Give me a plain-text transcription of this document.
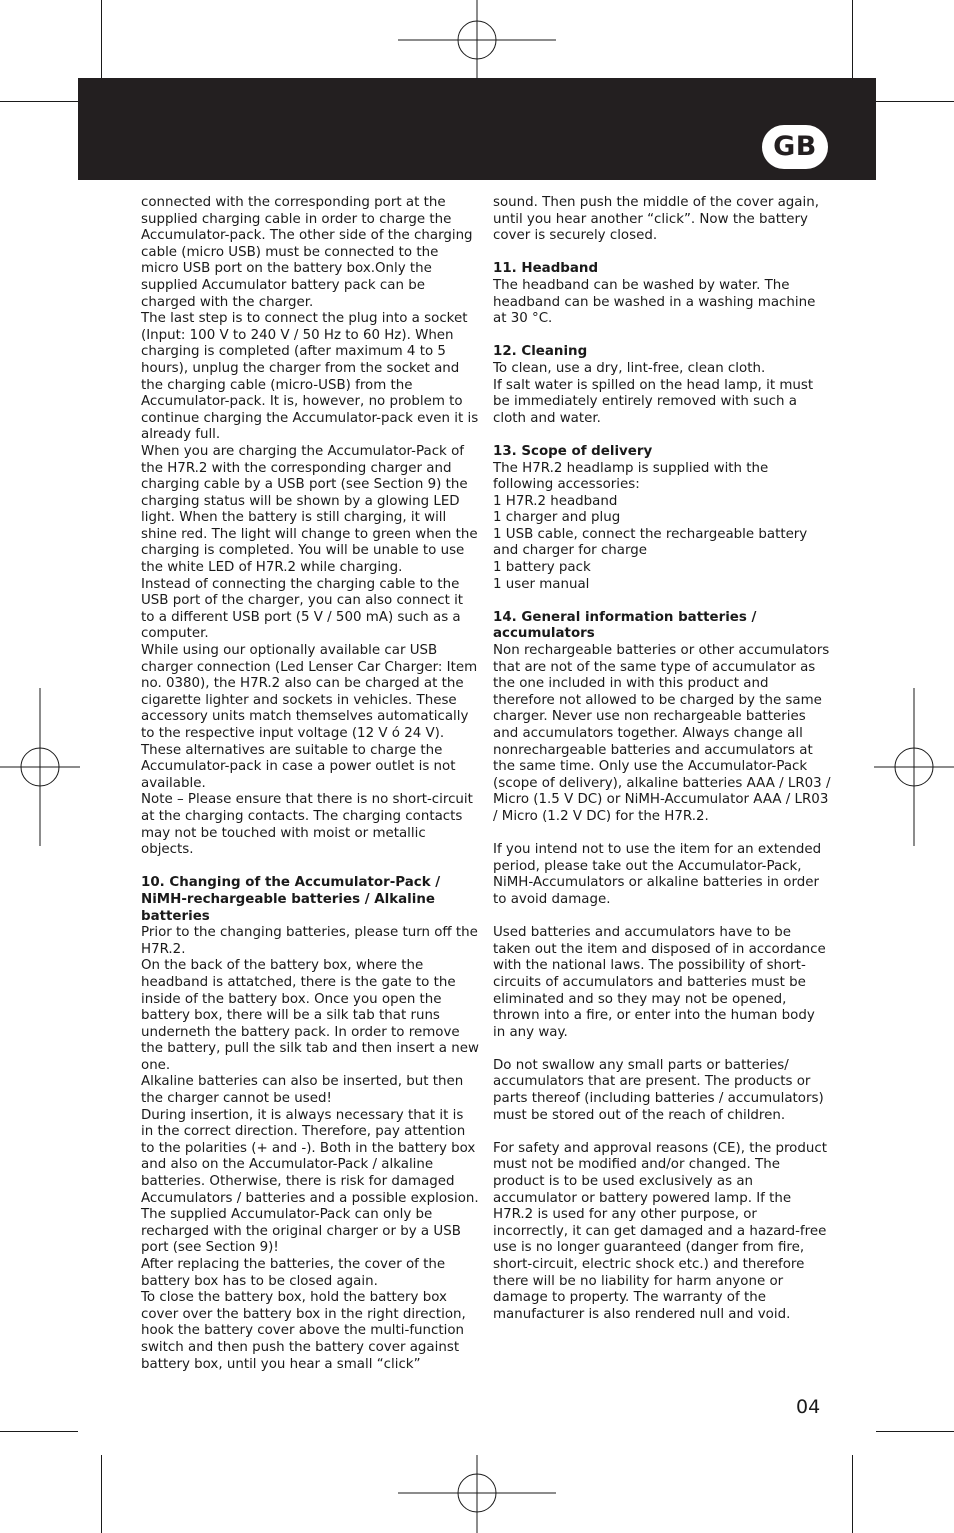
GB

connected with the corresponding port at the supplied charging cable in order to charge the Accumulator-pack. The other side of the charging cable (micro USB) must be connected to the micro USB port on the battery box.Only the supplied Accumulator battery pack can be charged with the charger.

The last step is to connect the plug into a socket (Input: 100 V to 240 V / 50 Hz to 60 Hz). When charging is completed (after maximum 4 to 5 hours), unplug the charger from the socket and the charging cable (micro-USB) from the Accumulator-pack. It is, however, no problem to continue charging the Accumulator-pack even it is already full.

When you are charging the Accumulator-Pack of the H7R.2 with the corresponding charger and charging cable by a USB port (see Section 9) the charging status will be shown by a glowing LED light. When the battery is still charging, it will shine red. The light will change to green when the charging is completed. You will be unable to use the white LED of H7R.2 while charging.

Instead of connecting the charging cable to the USB port of the charger, you can also connect it to a different USB port (5 V / 500 mA) such as a computer.

While using our optionally available car USB charger connection (Led Lenser Car Charger: Item no. 0380), the H7R.2 also can be charged at the cigarette lighter and sockets in vehicles. These accessory units match themselves automatically to the respective input voltage (12 V ó 24 V). These alternatives are suitable to charge the Accumulator-pack in case a power outlet is not available.

Note – Please ensure that there is no short-circuit at the charging contacts. The charging contacts may not be touched with moist or metallic objects.

10. Changing of the Accumulator-Pack / NiMH-rechargeable batteries / Alkaline batteries

Prior to the changing batteries, please turn off the H7R.2.

On the back of the battery box, where the headband is attatched, there is the gate to the inside of the battery box. Once you open the battery box, there will be a silk tab that runs underneth the battery pack. In order to remove the battery, pull the silk tab and then insert a new one.

Alkaline batteries can also be inserted, but then the charger cannot be used!

During insertion, it is always necessary that it is in the correct direction. Therefore, pay attention to the polarities (+ and -). Both in the battery box and also on the Accumulator-Pack / alkaline batteries. Otherwise, there is risk for damaged Accumulators / batteries and a possible explosion.

The supplied Accumulator-Pack can only be recharged with the original charger or by a USB port (see Section 9)!

After replacing the batteries, the cover of the battery box has to be closed again.

To close the battery box, hold the battery box cover over the battery box in the right direction, hook the battery cover above the multi-function switch and then push the battery cover against battery box, until you hear a small “click”

sound. Then push the middle of the cover again, until you hear another “click”. Now the battery cover is securely closed.

11. Headband

The headband can be washed by water. The headband can be washed in a washing machine at 30 °C.

12. Cleaning

To clean, use a dry, lint-free, clean cloth.

If salt water is spilled on the head lamp, it must be immediately entirely removed with such a cloth and water.

13. Scope of delivery

The H7R.2 headlamp is supplied with the following accessories:

1 H7R.2 headband

1 charger and plug

1 USB cable, connect the rechargeable battery and charger for charge

1 battery pack

1 user manual

14. General information batteries / accumulators

Non rechargeable batteries or other accumulators that are not of the same type of accumulator as the one included in with this product and therefore not allowed to be charged by the same charger. Never use non rechargeable batteries and accumulators together. Always change all nonrechargeable batteries and accumulators at the same time. Only use the Accumulator-Pack (scope of delivery), alkaline batteries AAA / LR03 / Micro (1.5 V DC) or NiMH-Accumulator AAA / LR03 / Micro (1.2 V DC) for the H7R.2.

If you intend not to use the item for an extended period, please take out the Accumulator-Pack, NiMH-Accumulators or alkaline batteries in order to avoid damage.

Used batteries and accumulators have to be taken out the item and disposed of in accordance with the national laws. The possibility of short-circuits of accumulators and batteries must be eliminated and so they may not be opened, thrown into a fire, or enter into the human body in any way.

Do not swallow any small parts or batteries/ accumulators that are present. The products or parts thereof (including batteries / accumulators) must be stored out of the reach of children.

For safety and approval reasons (CE), the product must not be modified and/or changed. The product is to be used exclusively as an accumulator or battery powered lamp. If the H7R.2 is used for any other purpose, or incorrectly, it can get damaged and a hazard-free use is no longer guaranteed (danger from fire, short-circuit, electric shock etc.) and therefore there will be no liability for harm anyone or damage to property. The warranty of the manufacturer is also rendered null and void.

04
